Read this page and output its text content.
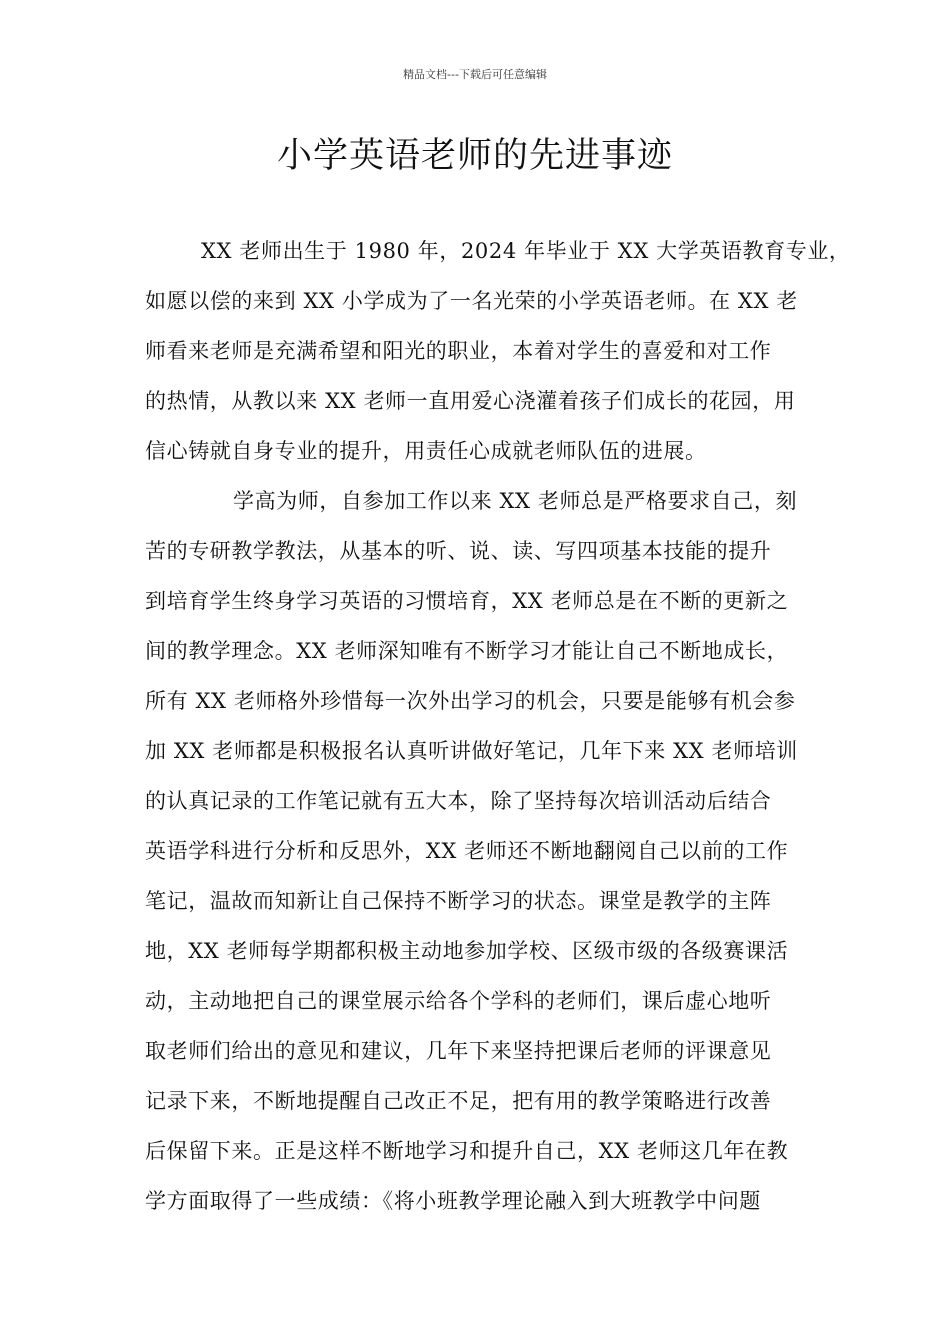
精品文档---下载后可任意编辑
小学英语老师的先进事迹
XX 老师出生于 1980 年，2024 年毕业于 XX 大学英语教育专业，
如愿以偿的来到 XX 小学成为了一名光荣的小学英语老师。在 XX 老
师看来老师是充满希望和阳光的职业，本着对学生的喜爱和对工作
的热情，从教以来 XX 老师一直用爱心浇灌着孩子们成长的花园，用
信心铸就自身专业的提升，用责任心成就老师队伍的进展。
学高为师，自参加工作以来 XX 老师总是严格要求自己，刻
苦的专研教学教法，从基本的听、说、读、写四项基本技能的提升
到培育学生终身学习英语的习惯培育，XX 老师总是在不断的更新之
间的教学理念。XX 老师深知唯有不断学习才能让自己不断地成长，
所有 XX 老师格外珍惜每一次外出学习的机会，只要是能够有机会参
加 XX 老师都是积极报名认真听讲做好笔记，几年下来 XX 老师培训
的认真记录的工作笔记就有五大本，除了坚持每次培训活动后结合
英语学科进行分析和反思外，XX 老师还不断地翻阅自己以前的工作
笔记，温故而知新让自己保持不断学习的状态。课堂是教学的主阵
地，XX 老师每学期都积极主动地参加学校、区级市级的各级赛课活
动，主动地把自己的课堂展示给各个学科的老师们，课后虚心地听
取老师们给出的意见和建议，几年下来坚持把课后老师的评课意见
记录下来，不断地提醒自己改正不足，把有用的教学策略进行改善
后保留下来。正是这样不断地学习和提升自己，XX 老师这几年在教
学方面取得了一些成绩：《将小班教学理论融入到大班教学中问题
